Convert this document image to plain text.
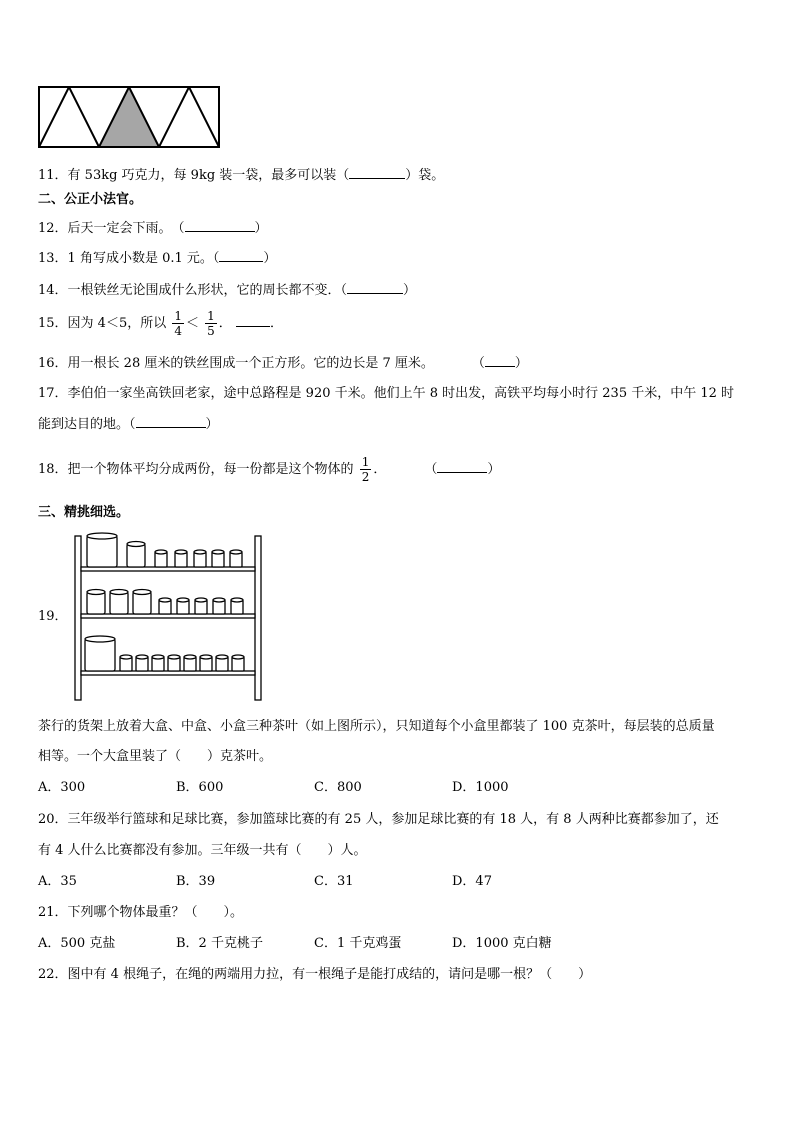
11．有 53kg 巧克力，每 9kg 装一袋，最多可以装（	）袋。
二、公正小法官。
12．后天一定会下雨。　（	）
13．1 角写成小数是 0.1 元。（	）
14．一根铁丝无论围成什么形状，它的周长都不变．（	）
15．因为 4＜5，所以 $\frac{1}{4} < \frac{1}{5}$ ．	．
16．用一根长 28 厘米的铁丝围成一个正方形。它的边长是 7 厘米。	（ ）
17．李伯伯一家坐高铁回老家，途中总路程是 920 千米。他们上午 8 时出发，高铁平均每小时行 235 千米，中午 12 时
能到达目的地。（	）
18．把一个物体平均分成两份，每一份都是这个物体的 $\frac{1}{2}$ ．	（	）
三、精挑细选。
19．
茶行的货架上放着大盒、中盒、小盒三种茶叶（如上图所示），只知道每个小盒里都装了 100 克茶叶，每层装的总质量
相等。一个大盒里装了（　　）克茶叶。
A．300	B．600	C．800	D．1000
20．三年级举行篮球和足球比赛，参加篮球比赛的有 25 人，参加足球比赛的有 18 人，有 8 人两种比赛都参加了，还
有 4 人什么比赛都没有参加。三年级一共有（　　）人。
A．35	B．39	C．31	D．47
21．下列哪个物体最重？（　　）。
A．500 克盐	B．2 千克桃子	C．1 千克鸡蛋	D．1000 克白糖
22．图中有 4 根绳子，在绳的两端用力拉，有一根绳子是能打成结的，请问是哪一根？（　　）
